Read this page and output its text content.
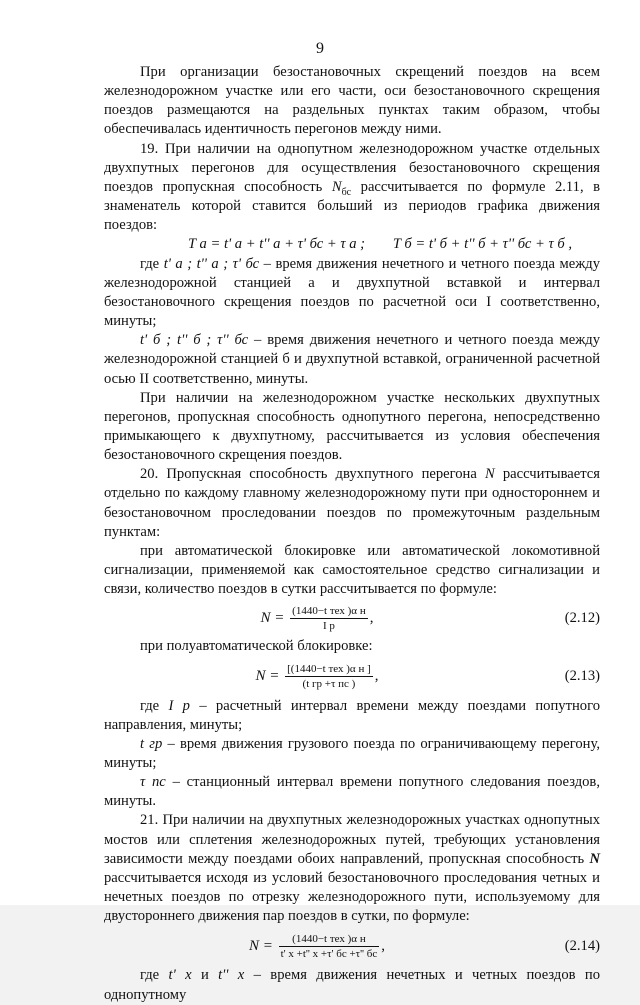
9

При организации безостановочных скрещений поездов на всем железнодорожном участке или его части, оси безостановочного скрещения поездов размещаются на раздельных пунктах таким образом, чтобы обеспечивалась идентичность перегонов между ними.

19. При наличии на однопутном железнодорожном участке отдельных двухпутных перегонов для осуществления безостановочного скрещения поездов пропускная способность $N_{бс}$ рассчитывается по формуле 2.11, в знаменатель которой ставится больший из периодов графика движения поездов:

T а = t' а + t'' а + τ' бс + τ а ; T б = t' б + t'' б + τ'' бс + τ б ,

где t' а ; t'' а ; τ' бс – время движения нечетного и четного поезда между железнодорожной станцией а и двухпутной вставкой и интервал безостановочного скрещения поездов по расчетной оси I соответственно, минуты;

t' б ; t'' б ; τ'' бс – время движения нечетного и четного поезда между железнодорожной станцией б и двухпутной вставкой, ограниченной расчетной осью II соответственно, минуты.

При наличии на железнодорожном участке нескольких двухпутных перегонов, пропускная способность однопутного перегона, непосредственно примыкающего к двухпутному, рассчитывается из условия обеспечения безостановочного скрещения поездов.

20. Пропускная способность двухпутного перегона N рассчитывается отдельно по каждому главному железнодорожному пути при одностороннем и безостановочном проследовании поездов по промежуточным раздельным пунктам:

при автоматической блокировке или автоматической локомотивной сигнализации, применяемой как самостоятельное средство сигнализации и связи, количество поездов в сутки рассчитывается по формуле:

$N = \frac{\text{(1440−t тех )α н}}{\text{I р}}$ ,	(2.12)

при полуавтоматической блокировке:

$N = \frac{\text{[(1440−t тех )α н ]}}{\text{(t гр +τ пс )}}$ ,	(2.13)

где I р – расчетный интервал времени между поездами попутного направления, минуты;

t гр – время движения грузового поезда по ограничивающему перегону, минуты;

τ пс – станционный интервал времени попутного следования поездов, минуты.

21. При наличии на двухпутных железнодорожных участках однопутных мостов или сплетения железнодорожных путей, требующих установления зависимости между поездами обоих направлений, пропускная способность N рассчитывается исходя из условий безостановочного проследования четных и нечетных поездов по отрезку железнодорожного пути, используемому для двустороннего движения пар поездов в сутки, по формуле:

$N = \frac{\text{(1440−t тех )α н}}{t' x +t'' x +\tau' бс +\tau'' бс}$ ,	(2.14)

где t' x и t'' x – время движения нечетных и четных поездов по однопутному
